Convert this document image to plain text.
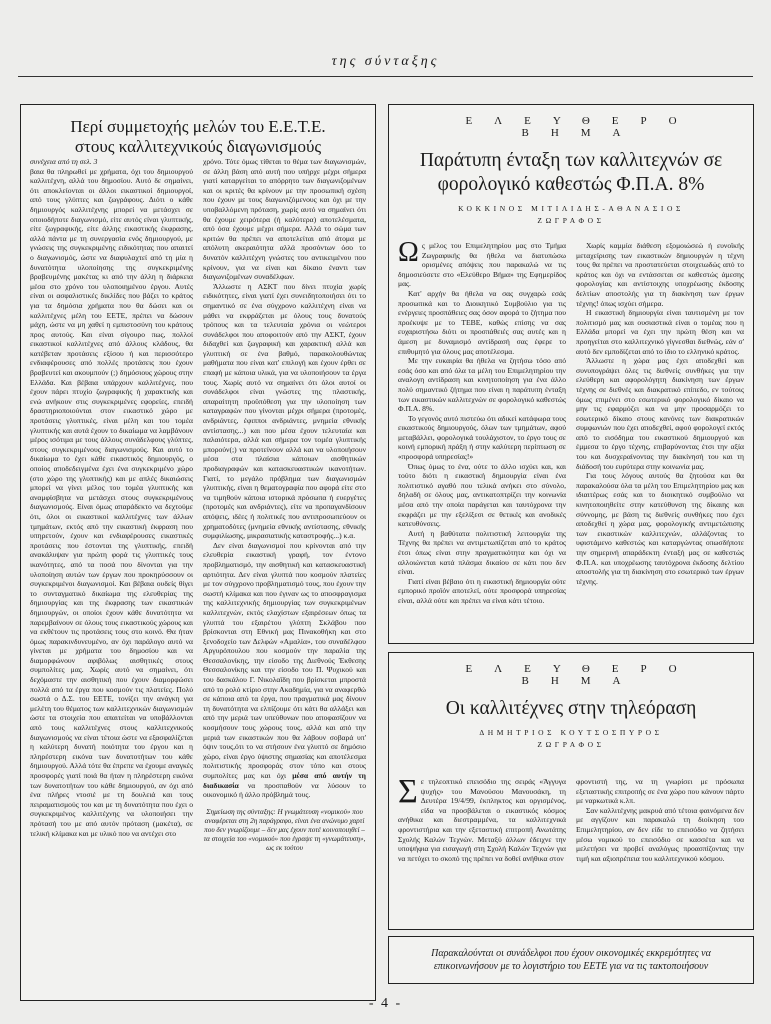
της σύνταξης
Περί συμμετοχής μελών του Ε.Ε.Τ.Ε.
στους καλλιτεχνικούς διαγωνισμούς

συνέχεια από τη σελ. 3

βαια θα πληρωθεί με χρήματα, όχι του δημιουργού καλλιτέχνη, αλλά του δημοσίου. Αυτό δε σημαίνει, ότι αποκλείονται οι άλλοι εικαστικοί δημιουργοί, από τους γλύπτες και ζωγράφους. Διότι ο κάθε δημιουργός καλλιτέχνης μπορεί να μετάσχει σε οποιοδήποτε διαγωνισμό, είτε αυτός είναι γλυπτικής, είτε ζωγραφικής, είτε άλλης εικαστικής έκφρασης, αλλά πάντα με τη συνεργασία ενός δημιουργού, με γνώσεις της συγκεκριμένης ειδικότητας που απαιτεί ο διαγωνισμός, ώστε να διαφυλαχτεί από τη μία η δυνατότητα υλοποίησης της συγκεκριμένης βραβευμένης μακέτας κι από την άλλη η διάρκεια μέσα στο χρόνο του υλοποιημένου έργου. Αυτές είναι οι ασφαλιστικές δικλίδες που βάζει το κράτος για τα δημόσια χρήματα που θα δώσει και οι καλλιτέχνες μέλη του ΕΕΤΕ, πρέπει να δώσουν μάχη, ώστε να μη χαθεί η εμπιστοσύνη του κράτους προς αυτούς. Και είναι σίγουρο πως, πολλοί εικαστικοί καλλιτέχνες από άλλους κλάδους, θα κατέβεταν προτάσεις εξίσου ή και περισσότερο ενδιαφέρουσες από πολλές προτάσεις που έχουν βραβευτεί και ακουμπούν (;) δημόσιους χώρους στην Ελλάδα. Και βέβαια υπάρχουν καλλιτέχνες, που έχουν πάρει πτυχίο ζωγραφικής ή χαρακτικής και ενώ ανήκουν στις συγκεκριμένες εφορείες, επειδή δραστηριοποιούνται στον εικαστικό χώρο με προτάσεις γλυπτικές, είναι μέλη και του τομέα γλυπτικής και αυτά έχουν το δικαίωμα να λαμβάνουν μέρος ισότιμα με τους άλλους συνάδελφους γλύπτες, στους συγκεκριμένους διαγωνισμούς. Και αυτό το δικαίωμα το έχει κάθε εικαστικός δημιουργός, ο οποίος αποδεδειγμένα έχει ένα συγκεκριμένο χώρο (στο χώρο της γλυπτικής) και με απλές δικαιώσεις μπορεί να γίνει μέλος του τομέα γλυπτικής και αναμφίσβητα να μετάσχει στους συγκεκριμένους διαγωνισμούς. Είναι όμως απαράδεκτο να δεχτούμε ότι, όλοι οι εικαστικοί καλλιτέχνες των άλλων τμημάτων, εκτός από την εικαστική έκφραση που υπηρετούν, έχουν και ενδιαφέρουσες εικαστικές προτάσεις που έστονται της γλυπτικής, επειδή ανακάλυψαν για πρώτη φορά τις γλυπτικές τους ικανότητες, από τα ποσά που δίνονται για την υλοποίηση αυτών των έργων που προκηρύσσουν οι συγκεκριμένοι διαγωνισμοί. Και βέβαια ουδείς θίγει το συνταγματικό δικαίωμα της ελευθερίας της δημιουργίας και της έκφρασης των εικαστικών δημιουργών, οι οποίοι έχουν κάθε δυνατότητα να παρεμβαίνουν σε όλους τους εικαστικούς χώρους και να εκθέτουν τις προτάσεις τους στο κοινό. Θα ήταν όμως παρακινδυνευμένο, αν όχι παράλογο αυτό να γίνεται με χρήματα του δημοσίου και να διαμορφώνουν αφιβόλως αισθητικές στους συμπολίτες μας. Χωρίς αυτό να σημαίνει, ότι δεχόμαστε την αισθητική που έχουν διαμορφώσει πολλά από τα έργα που κοσμούν τις πλατείες. Πολύ σωστά ο Δ.Σ. του ΕΕΤΕ, τονίζει την ανάγκη για μελέτη του θέματος των καλλιτεχνικών διαγωνισμών ώστε τα στοιχεία που απαιτείται να υποβάλλονται από τους καλλιτέχνες στους καλλιτεχνικούς διαγωνισμούς να είναι τέτοια ώστε να εξασφαλίζεται η καλύτερη δυνατή ποιότητα του έργου και η πληρέστερη εικόνα των δυνατοτήτων του κάθε δημιουργού. Αλλά τότε θα έπρεπε να έχουμε αναγκές προσφορές γιατί ποιά θα ήταν η πληρέστερη εικόνα των δυνατοτήτων του κάθε δημιουργού, αν όχι από ένα πλήρες ντοσιέ με τη δουλειά και τους πειραματισμούς του και με τη δυνατότητα που έχει ο συγκεκριμένος καλλιτέχνης να υλοποιήσει την πρότασή του με από αυτόν πρόταση (μακέτα), σε τελική κλίμακα και με υλικό που να αντέχει στο

χρόνο. Τότε όμως τίθεται το θέμα των διαγωνισμών, σε άλλη βάση από αυτή που υπήρχε μέχρι σήμερα γιατί καταργείται το απόρρητο των διαγωνιζομένων και οι κριτές θα κρίνουν με την προσωπική σχέση που έχουν με τους διαγωνιζόμενους και όχι με την υποβαλλόμενη πρόταση, χωρίς αυτό να σημαίνει ότι θα έχουμε χειρότερα (ή καλύτερα) αποτελέσματα, από όσα έχουμε μέχρι σήμερα. Αλλά το σώμα των κριτών θα πρέπει να αποτελείται από άτομα με απόλυτη ακεραιότητα αλλά προσόντων όσο το δυνατόν καλλιτέχνη γνώστες του αντικειμένου που κρίνουν, για να είναι και δίκαιο έναντι των διαγωνιζομένων συναδέλφων.

Άλλωστε η ΑΣΚΤ που δίνει πτυχία χωρίς ειδικότητες, είναι γιατί έχει συνειδητοποιήσει ότι το σημαντικό σε ένα σύγχρονο καλλιτέχνη είναι να μάθει να εκφράζεται με όλους τους δυνατούς τρόπους και τα τελευταία χρόνια οι νεώτεροι συνάδελφοι που αποφοιτούν από την ΑΣΚΤ, έχουν διδαχθεί και ζωγραφική και χαρακτική αλλά και γλυπτική σε ένα βαθμό, παρακολουθώντας μαθήματα που είναι κατ' επιλογή και έχουν έρθει σε επαφή με κάποια υλικά, για να υλοποιήσουν τα έργα τους. Χωρίς αυτό να σημαίνει ότι όλοι αυτοί οι συνάδελφοι είναι γνώστες της πλαστικής, απαραίτητη προϋπόθεση για την υλοποίηση των καταγραφών που γίνονται μέχρι σήμερα (προτομές, ανδριάντες, έφιπποι ανδριάντες, μνημεία εθνικής αντίστασης...) και που μέσα έχουν τελευταία και παλαιότερα, αλλά και σήμερα τον τομέα γλυπτικής μπορούν(;) να προτείνουν αλλά και να υλοποιήσουν μέσα στα πλαίσια κάποιων αισθητικών προδιαγραφών και κατασκευαστικών ικανοτήτων. Γιατί, το μεγάλο πρόβλημα των διαγωνισμών γλυπτικής, είναι η θεματογραφία που αφορά είτε στο να τιμηθούν κάποια ιστορικά πρόσωπα ή ευεργέτες (προτομές και ανδριάντες), είτε να προπαγανδίσουν απόψεις, ιδέες ή πολιτικές που αντιπροσωπεύουν οι χρηματοδότες (μνημεία εθνικής αντίστασης, εθνικής συμφιλίωσης, μικρασιατικής καταστροφής...) κ.α.

Δεν είναι διαγωνισμοί που κρίνονται από την ελευθερία εικαστική γραφή, τον έντονο προβληματισμό, την αισθητική και κατασκευαστική αρτιότητα. Δεν είναι γλυπτά που κοσμούν πλατείες με τον σύγχρονο προβληματισμό τους, που έχουν την σωστή κλίμακα και που έγιναν ως το αποσφραγισμα της καλλιτεχνικής δημιουργίας των συγκεκριμένων καλλιτεχνών, εκτός ελαχίστων εξαιρέσεων όπως τα γλυπτά του εξαιρέτου γλύπτη Σκλάβου που βρίσκονται στη Εθνική μας Πινακοθήκη και στο ξενοδοχείο των Δελφών «Αμαλία», του συναδέλφου Αργυρόπουλου που κοσμούν την παραλία της Θεσσαλονίκης, την είσοδο της Διεθνούς Έκθεσης Θεσσαλονίκης και την είσοδο του Π. Ψυχικού και του δασκάλου Γ. Νικολαΐδη που βρίσκεται μπροστά από το ρολό κτίριο στην Ακαδημία, για να αναφερθώ σε κάποια από τα έργα, που πραγματικά μας δίνουν τη δυνατότητα να ελπίζουμε ότι κάτι θα αλλάξει και από την μεριά των υπεύθυνων που αποφασίζουν να κοσμήσουν τους χώρους τους, αλλά και από την μεριά των εικαστικών που θα λάβουν σοβαρά υπ' όψιν τους,ότι το να στήσουν ένα γλυπτό σε δημόσιο χώρο, είναι έργο ύψιστης σημασίας και αποτέλεσμα πολιτιστικής προσφοράς στον τόπο και στους συμπολίτες μας και όχι μέσα από αυτήν τη διαδικασία να προσπαθούν να λύσουν το οικονομικό ή άλλο πρόβλημά τους.

Σημείωση της σύνταξης: Η γνωμάτευση «νομικού» που αναφέρεται στη 2η παράγραφο, είναι ένα ανώνυμο χαρτί που δεν γνωρίζουμε – δεν μας έχουν ποτέ κοινοποιηθεί – τα στοιχεία του «νομικού» που έγραψε τη «γνωμάτευση», ως εκ τούτου

ΕΛΕΥΘΕΡΟ ΒΗΜΑ
Παράτυπη ένταξη των καλλιτεχνών σε
φορολογικό καθεστώς Φ.Π.Α. 8%
ΚΟΚΚΙΝΟΣ ΜΙΤΙΛΙΔΗΣ-ΑΘΑΝΑΣΙΟΣ
ΖΩΓΡΑΦΟΣ

Ως μέλος του Επιμελητηρίου μας στο Τμήμα Ζωγραφικής θα ήθελα να διατυπώσω ορισμένες απόψεις που παρακαλώ να τις δημοσιεύσετε στο «Ελεύθερο Βήμα» της Εφημερίδος μας.

Κατ' αρχήν θα ήθελα να σας συγχαρώ εσάς προσωπικά και το Διοικητικό Συμβούλιο για τις ενέργειες προσπάθειες σας όσον αφορά το ζήτημα που προέκυψε με το ΤΕΒΕ, καθώς επίσης να σας ευχαριστήσω διότι οι προσπάθειές σας αυτές και η άμεση με δυναμισμό αντίδρασή σας έφερε το επιθυμητό για όλους μας αποτέλεσμα.

Με την ευκαιρία θα ήθελα να ζητήσω τόσο από εσάς όσο και από όλα τα μέλη του Επιμελητηρίου την αναλογη αντίδραση και κινητοποίηση για ένα άλλο πολύ σημαντικό ζήτημα που είναι η παράτυπη ένταξη των εικαστικών καλλιτεχνών σε φορολογικό καθεστώς Φ.Π.Α. 8%.

Το γεγονός αυτό πιστεύω ότι αδικεί κατάφωρα τους εικαστικούς δημιουργούς, όλων των τμημάτων, αφού μεταβάλλει, φορολογικά τουλάχιστον, το έργο τους σε κοινή εμπορική πράξη ή στην καλύτερη περίπτωση σε «προσφορά υπηρεσίας!»

Όπως όμως το ένα, ούτε το άλλο ισχύει και, και τούτο διότι η εικαστική δημιουργία είναι ένα πολιτιστικό αγαθό που τελικά ανήκει στο σύνολο, δηλαδή σε όλους μας, αντικατοπτρίζει την κοινωνία μέσα από την οποία παράγεται και ταυτόχρονα την εκφράζει με την εξελίξεσι σε θετικές και ανοδικές κατευθύνσεις.

Αυτή η βαθύτατα πολιτιστική λειτουργία της Τέχνης θα πρέπει να αντιμετωπίζεται από το κράτος έτσι όπως είναι στην πραγματικότητα και όχι να αλλοιώνεται κατά πλάσμα δικαίου σε κάτι που δεν είναι.

Γιατί είναι βέβαιο ότι η εικαστική δημιουργία ούτε εμπορικό προϊόν αποτελεί, ούτε προσφορά υπηρεσίας είναι, αλλά ούτε και πρέπει να είναι κάτι τέτοιο.

Χωρίς καμμία διάθεση εξομοιώσεώ ή ευνοϊκής μεταχείρισης των εικαστικών δημιουργών η τέχνη τους θα πρέπει να προστατεύεται στοιχειωδώς από το κράτος και όχι να εντάσσεται σε καθεστώς άμεσης φορολογίας και αντίστοιχης υποχρέωσης έκδοσης δελτίων αποστολής για τη διακίνηση των έργων τέχνης! όπως ισχύει σήμερα.

Η εικαστική δημιουργία είναι ταυτισμένη με τον πολιτισμό μας και ουσιαστικά είναι ο τομέας που η Ελλάδα μπορεί να έχει την πρώτη θέση και να προηγείται στο καλλιτεχνικό γίγνεσθαι διεθνώς, εάν σ' αυτό δεν εμποδίζεται από το ίδιο το ελληνικό κράτος.

Άλλωστε η χώρα μας έχει αποδεχθεί και συνυπογράψει όλες τις διεθνείς συνθήκες για την ελεύθερη και αφορολόγητη διακίνηση των έργων τέχνης σε διεθνές και διακρατικό επίπεδο, εν τούτοις όμως επιμένει στο εσωτερικό φορολογικό δίκαιο να μην τις εφαρμόζει και να μην προσαρμόζει το εσωτερικό δίκαιο στους κανόνες των διακρατικών συμφωνιών που έχει αποδεχθεί, αφού φορολογεί εκτός από το εισόδημα του εικαστικού δημιουργού και έμμεσα το έργο τέχνης, επιβαρύνοντας έτσι την αξία του και δυσχεραίνοντας την διακίνησή του και τη διάδοσή του ευρύτερα στην κοινωνία μας.

Για τους λόγους αυτούς θα ζητούσα και θα παρακαλούσα όλα τα μέλη του Επιμελητηρίου μας και ιδιαιτέρως εσάς και το διοικητικό συμβούλιο να κινητοποιηθείτε στην κατεύθυνση της δίκαιης και σύννομης, με βάση τις διεθνείς συνθήκες που έχει αποδεχθεί η χώρα μας, φορολογικής αντιμετώπισης των εικαστικών καλλιτεχνών, αλλάζοντας το υφιστάμενο καθεστώς και καταργώντας οπωσδήποτε την σημερινή απαράδεκτη ένταξή μας σε καθεστώς Φ.Π.Α. και υποχρέωσης ταυτόχρονα έκδοσης δελτίου αποστολής για τη διακίνηση στο εσωτερικό των έργων τέχνης.

ΕΛΕΥΘΕΡΟ ΒΗΜΑ
Οι καλλιτέχνες στην τηλεόραση
ΔΗΜΗΤΡΙΟΣ ΚΟΥΤΣΟΣΠΥΡΟΣ
ΖΩΓΡΑΦΟΣ

Σε τηλεοπτικό επεισόδιο της σειράς «Άγγυγα ψυχής» του Μανούσου Μανουσάκη, τη Δευτέρα 19/4/99, έκπληκτος και οργισμένος, είδα να προσβάλεται ο εικαστικός κόσμος ανήθικα και διεστραμμένα, τα καλλιτεχνικά φροντιστήρια και την εξεταστική επιτροπή Ανωτάτης Σχολής Καλών Τεχνών. Μεταξύ άλλων έδειχνε την υποψήφια για εισαγωγή στη Σχολή Καλών Τεχνών για να πετύχει το σκοπό της πρέπει να δοθεί ανήθικα στον

φροντιστή της, να τη γνωρίσει με πρόσωπα εξεταστικής επιτροπής σε ένα χώρο που κάνουν πάρτυ με ναρκωτικά κ.λπ.

Σαν καλλιτέχνης μακρυά από τέτοια φαινόμενα δεν με αγγίζουν και παρακαλώ τη διοίκηση του Επιμελητηρίου, αν δεν είδε το επεισόδιο να ζητήσει μέσω νομικού το επεισόδιο σε κασσέτα και να μελετήσει να προβεί αναλόγως προασπίζοντας την τιμή και αξιοπρέπεια του καλλιτεχνικού κόσμου.

Παρακαλούνται οι συνάδελφοι που έχουν οικονομικές εκκρεμότητες να επικοινωνήσουν με το λογιστήριο του ΕΕΤΕ για να τις τακτοποιήσουν
- 4 -
